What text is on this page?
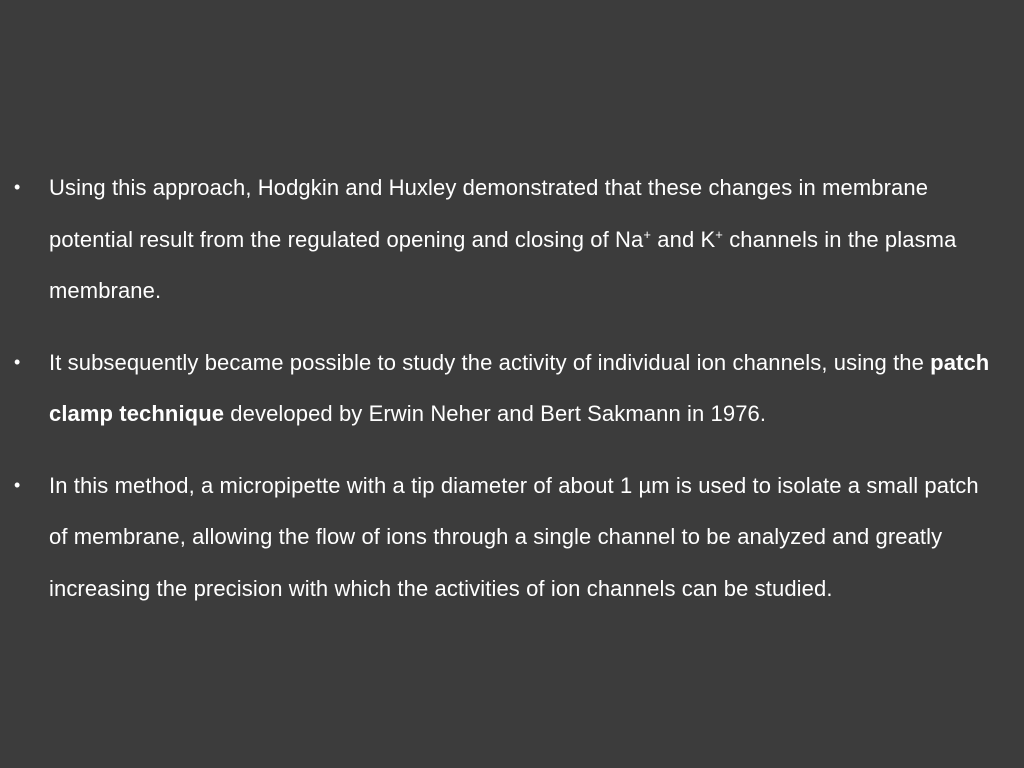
• Using this approach, Hodgkin and Huxley demonstrated that these changes in membrane potential result from the regulated opening and closing of Na+ and K+ channels in the plasma membrane.
• It subsequently became possible to study the activity of individual ion channels, using the patch clamp technique developed by Erwin Neher and Bert Sakmann in 1976.
• In this method, a micropipette with a tip diameter of about 1 µm is used to isolate a small patch of membrane, allowing the flow of ions through a single channel to be analyzed and greatly increasing the precision with which the activities of ion channels can be studied.
